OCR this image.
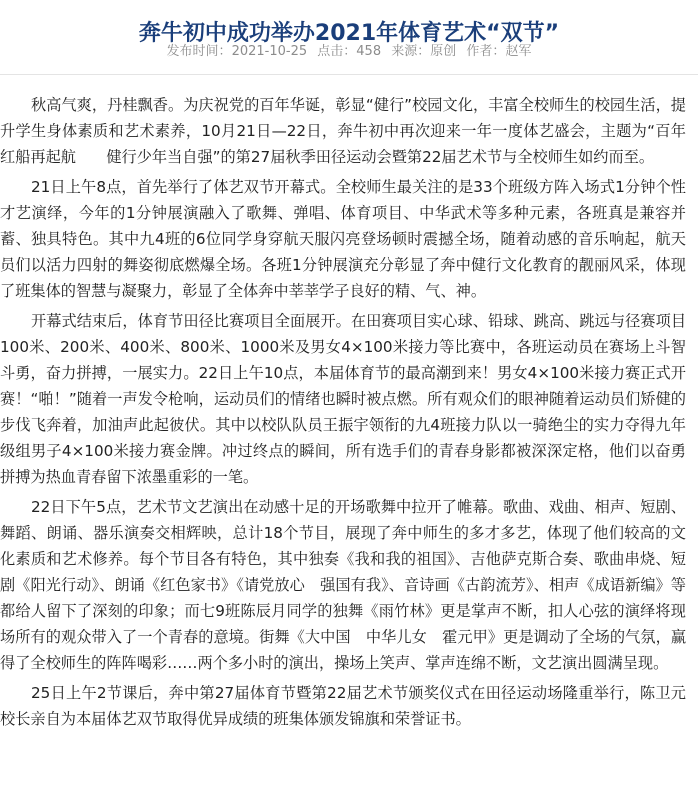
奔牛初中成功举办2021年体育艺术“双节”
发布时间：2021-10-25 点击：458 来源：原创 作者：赵军

秋高气爽，丹桂飘香。为庆祝党的百年华诞，彰显“健行”校园文化，丰富全校师生的校园生活，提升学生身体素质和艺术素养，10月21日—22日，奔牛初中再次迎来一年一度体艺盛会，主题为“百年红船再起航　　健行少年当自强”的第27届秋季田径运动会暨第22届艺术节与全校师生如约而至。

21日上午8点，首先举行了体艺双节开幕式。全校师生最关注的是33个班级方阵入场式1分钟个性才艺演绎，今年的1分钟展演融入了歌舞、弹唱、体育项目、中华武术等多种元素，各班真是兼容并蓄、独具特色。其中九4班的6位同学身穿航天服闪亮登场顿时震撼全场，随着动感的音乐响起，航天员们以活力四射的舞姿彻底燃爆全场。各班1分钟展演充分彰显了奔中健行文化教育的靓丽风采，体现了班集体的智慧与凝聚力，彰显了全体奔中莘莘学子良好的精、气、神。

开幕式结束后，体育节田径比赛项目全面展开。在田赛项目实心球、铅球、跳高、跳远与径赛项目100米、200米、400米、800米、1000米及男女4×100米接力等比赛中，各班运动员在赛场上斗智斗勇，奋力拼搏，一展实力。22日上午10点，本届体育节的最高潮到来！男女4×100米接力赛正式开赛！“啪！”随着一声发令枪响，运动员们的情绪也瞬时被点燃。所有观众们的眼神随着运动员们矫健的步伐飞奔着，加油声此起彼伏。其中以校队队员王振宇领衔的九4班接力队以一骑绝尘的实力夺得九年级组男子4×100米接力赛金牌。冲过终点的瞬间，所有选手们的青春身影都被深深定格，他们以奋勇拼搏为热血青春留下浓墨重彩的一笔。

22日下午5点，艺术节文艺演出在动感十足的开场歌舞中拉开了帷幕。歌曲、戏曲、相声、短剧、舞蹈、朗诵、器乐演奏交相辉映，总计18个节目，展现了奔中师生的多才多艺，体现了他们较高的文化素质和艺术修养。每个节目各有特色，其中独奏《我和我的祖国》、吉他萨克斯合奏、歌曲串烧、短剧《阳光行动》、朗诵《红色家书》《请党放心　强国有我》、音诗画《古韵流芳》、相声《成语新编》等都给人留下了深刻的印象；而七9班陈辰月同学的独舞《雨竹林》更是掌声不断，扣人心弦的演绎将现场所有的观众带入了一个青春的意境。街舞《大中国　中华儿女　霍元甲》更是调动了全场的气氛，赢得了全校师生的阵阵喝彩……两个多小时的演出，操场上笑声、掌声连绵不断，文艺演出圆满呈现。

25日上午2节课后，奔中第27届体育节暨第22届艺术节颁奖仪式在田径运动场隆重举行，陈卫元校长亲自为本届体艺双节取得优异成绩的班集体颁发锦旗和荣誉证书。
